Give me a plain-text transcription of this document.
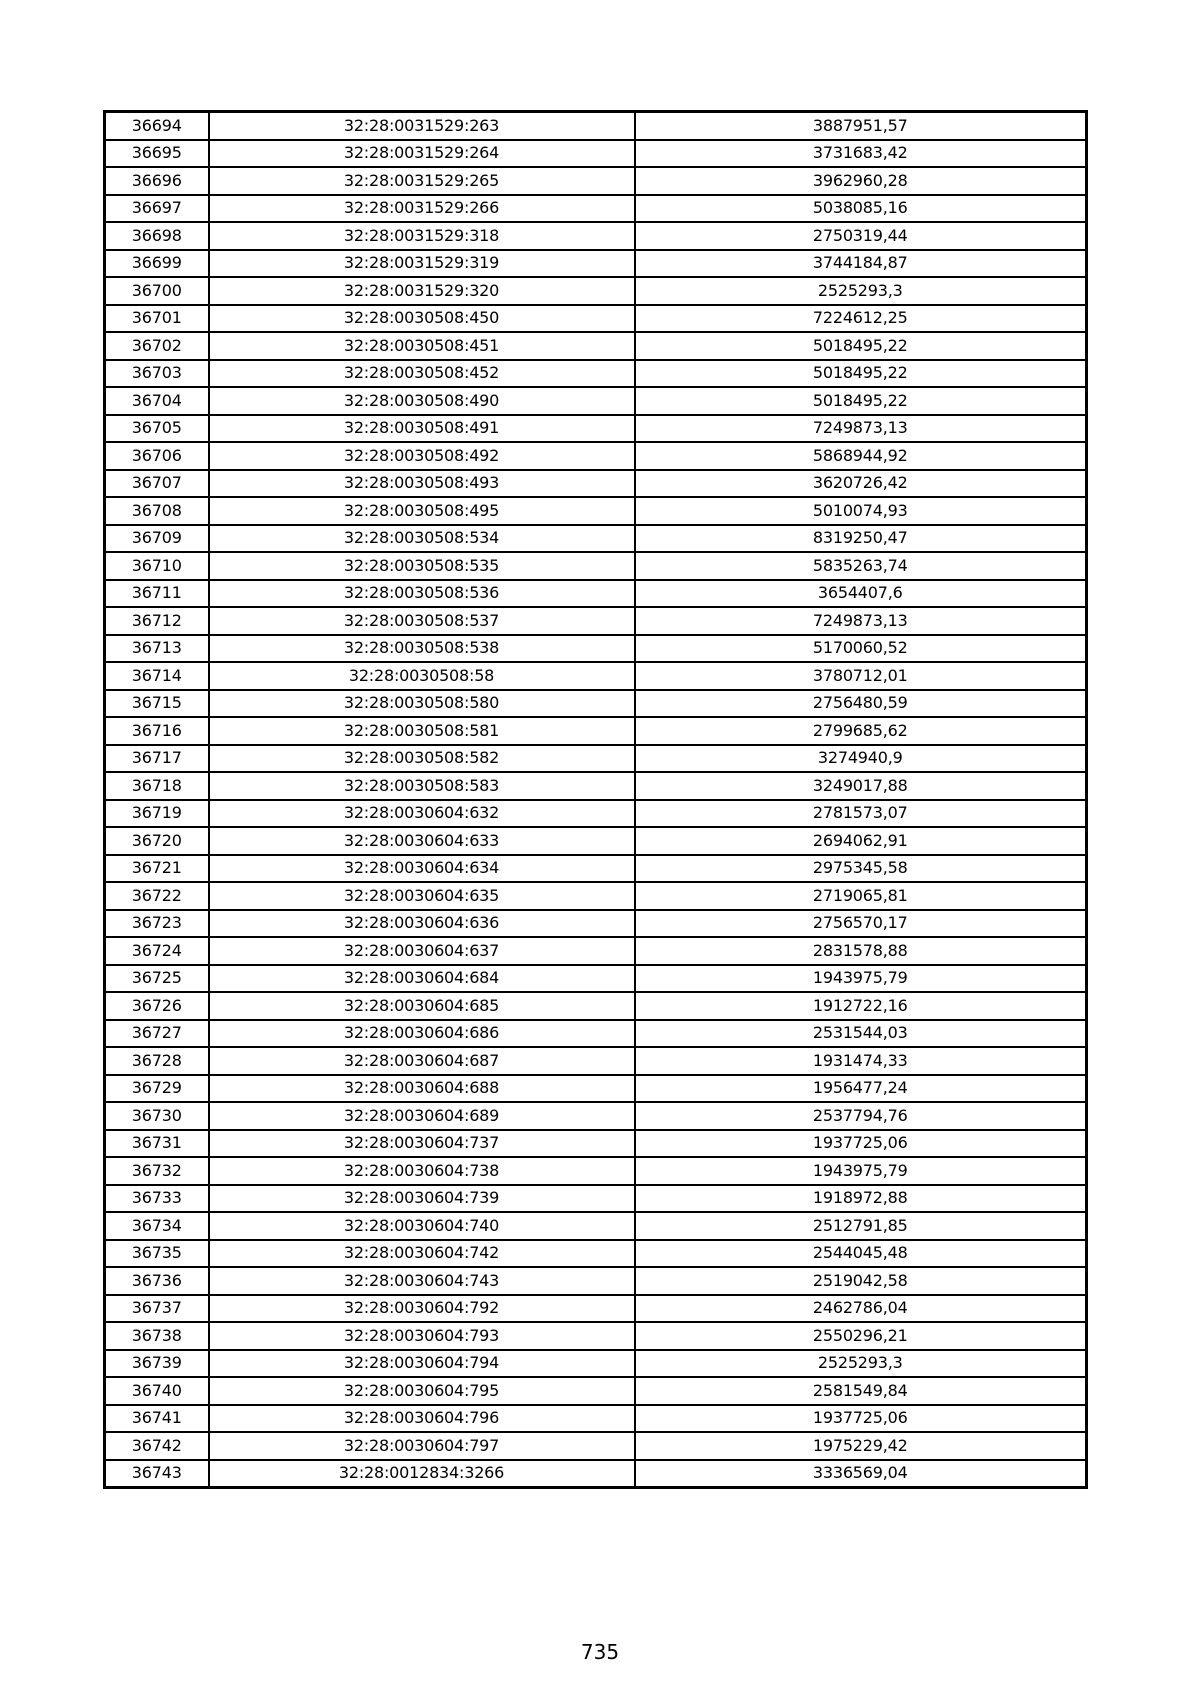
36694	32:28:0031529:263	3887951,57
36695	32:28:0031529:264	3731683,42
36696	32:28:0031529:265	3962960,28
36697	32:28:0031529:266	5038085,16
36698	32:28:0031529:318	2750319,44
36699	32:28:0031529:319	3744184,87
36700	32:28:0031529:320	2525293,3
36701	32:28:0030508:450	7224612,25
36702	32:28:0030508:451	5018495,22
36703	32:28:0030508:452	5018495,22
36704	32:28:0030508:490	5018495,22
36705	32:28:0030508:491	7249873,13
36706	32:28:0030508:492	5868944,92
36707	32:28:0030508:493	3620726,42
36708	32:28:0030508:495	5010074,93
36709	32:28:0030508:534	8319250,47
36710	32:28:0030508:535	5835263,74
36711	32:28:0030508:536	3654407,6
36712	32:28:0030508:537	7249873,13
36713	32:28:0030508:538	5170060,52
36714	32:28:0030508:58	3780712,01
36715	32:28:0030508:580	2756480,59
36716	32:28:0030508:581	2799685,62
36717	32:28:0030508:582	3274940,9
36718	32:28:0030508:583	3249017,88
36719	32:28:0030604:632	2781573,07
36720	32:28:0030604:633	2694062,91
36721	32:28:0030604:634	2975345,58
36722	32:28:0030604:635	2719065,81
36723	32:28:0030604:636	2756570,17
36724	32:28:0030604:637	2831578,88
36725	32:28:0030604:684	1943975,79
36726	32:28:0030604:685	1912722,16
36727	32:28:0030604:686	2531544,03
36728	32:28:0030604:687	1931474,33
36729	32:28:0030604:688	1956477,24
36730	32:28:0030604:689	2537794,76
36731	32:28:0030604:737	1937725,06
36732	32:28:0030604:738	1943975,79
36733	32:28:0030604:739	1918972,88
36734	32:28:0030604:740	2512791,85
36735	32:28:0030604:742	2544045,48
36736	32:28:0030604:743	2519042,58
36737	32:28:0030604:792	2462786,04
36738	32:28:0030604:793	2550296,21
36739	32:28:0030604:794	2525293,3
36740	32:28:0030604:795	2581549,84
36741	32:28:0030604:796	1937725,06
36742	32:28:0030604:797	1975229,42
36743	32:28:0012834:3266	3336569,04
735
